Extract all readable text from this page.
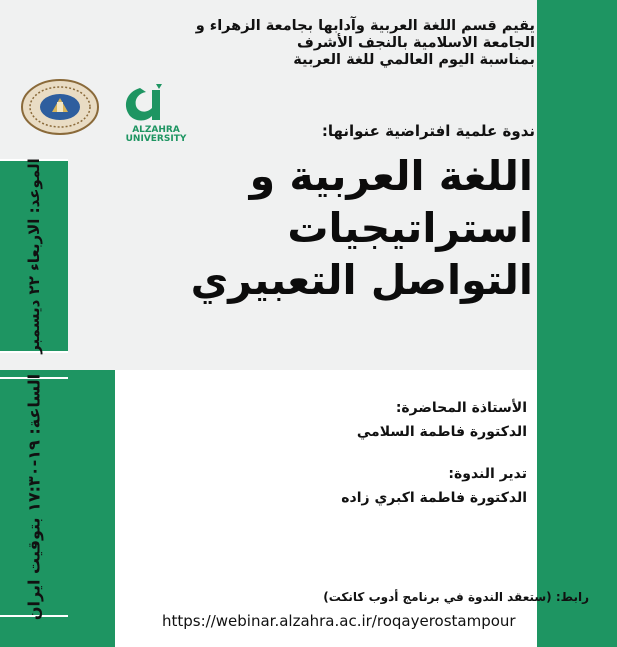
الموعد: الاربعاء ٢٢ ديسمبر
الساعة: ١٩-١٧:٣٠ بتوقيت ايران
يقيم قسم اللغة العربية وآدابها بجامعة الزهراء و
الجامعة الاسلامية بالنجف الأشرف
بمناسبة اليوم العالمي للغة العربية
ALZAHRA
UNIVERSITY	ندوة علمية افتراضية عنوانها:
اللغة العربية و
استراتيجيات
التواصل التعبيري
الأستاذة المحاضرة:
الدكتورة فاطمة السلامي
تدير الندوة:
الدكتورة فاطمة اكبري زاده
رابط: (ستعقد الندوة في برنامج أدوب كانكت)
https://webinar.alzahra.ac.ir/roqayerostampour
